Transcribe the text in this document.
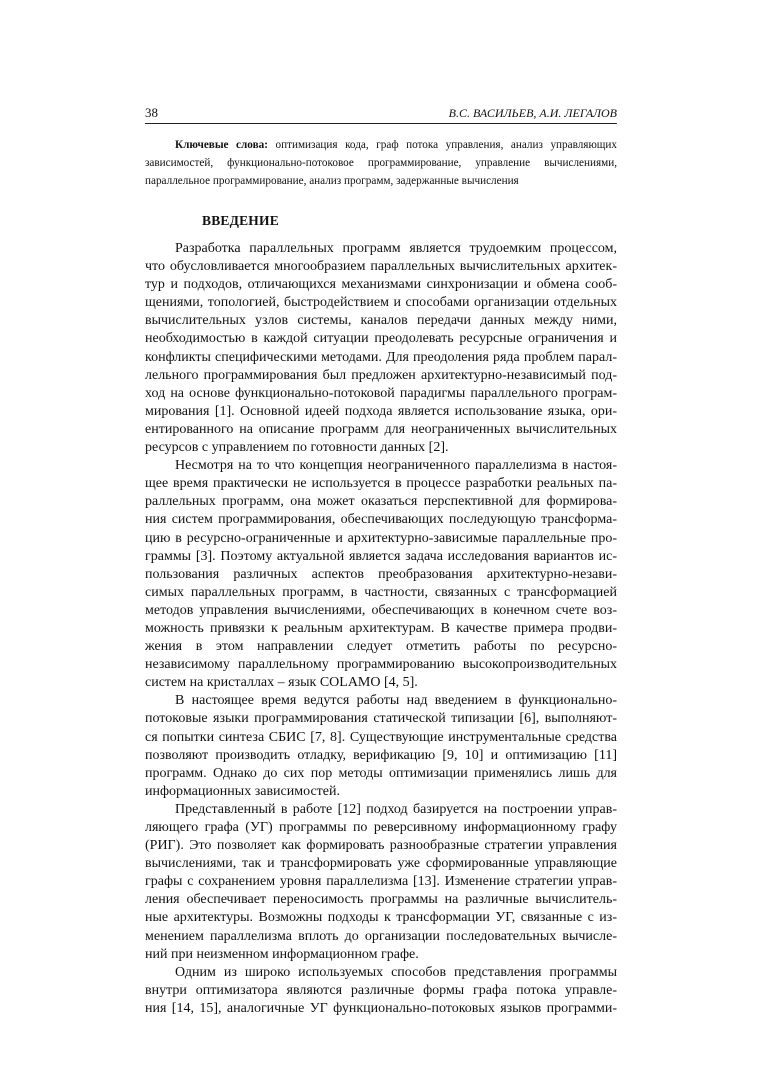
38	В.С. ВАСИЛЬЕВ, А.И. ЛЕГАЛОВ
Ключевые слова: оптимизация кода, граф потока управления, анализ управляющих зависимостей, функционально-потоковое программирование, управление вычислениями, параллельное программирование, анализ программ, задержанные вычисления
ВВЕДЕНИЕ
Разработка параллельных программ является трудоемким процессом,
что обусловливается многообразием параллельных вычислительных архитек-
тур и подходов, отличающихся механизмами синхронизации и обмена сооб-
щениями, топологией, быстродействием и способами организации отдельных
вычислительных узлов системы, каналов передачи данных между ними,
необходимостью в каждой ситуации преодолевать ресурсные ограничения и
конфликты специфическими методами. Для преодоления ряда проблем парал-
лельного программирования был предложен архитектурно-независимый под-
ход на основе функционально-потоковой парадигмы параллельного програм-
мирования [1]. Основной идеей подхода является использование языка, ори-
ентированного на описание программ для неограниченных вычислительных
ресурсов с управлением по готовности данных [2].
Несмотря на то что концепция неограниченного параллелизма в настоя-
щее время практически не используется в процессе разработки реальных па-
раллельных программ, она может оказаться перспективной для формирова-
ния систем программирования, обеспечивающих последующую трансформа-
цию в ресурсно-ограниченные и архитектурно-зависимые параллельные про-
граммы [3]. Поэтому актуальной является задача исследования вариантов ис-
пользования различных аспектов преобразования архитектурно-незави-
симых параллельных программ, в частности, связанных с трансформацией
методов управления вычислениями, обеспечивающих в конечном счете воз-
можность привязки к реальным архитектурам. В качестве примера продви-
жения в этом направлении следует отметить работы по ресурсно-
независимому параллельному программированию высокопроизводительных
систем на кристаллах – язык COLAMO [4, 5].
В настоящее время ведутся работы над введением в функционально-
потоковые языки программирования статической типизации [6], выполняют-
ся попытки синтеза СБИС [7, 8]. Существующие инструментальные средства
позволяют производить отладку, верификацию [9, 10] и оптимизацию [11]
программ. Однако до сих пор методы оптимизации применялись лишь для
информационных зависимостей.
Представленный в работе [12] подход базируется на построении управ-
ляющего графа (УГ) программы по реверсивному информационному графу
(РИГ). Это позволяет как формировать разнообразные стратегии управления
вычислениями, так и трансформировать уже сформированные управляющие
графы с сохранением уровня параллелизма [13]. Изменение стратегии управ-
ления обеспечивает переносимость программы на различные вычислитель-
ные архитектуры. Возможны подходы к трансформации УГ, связанные с из-
менением параллелизма вплоть до организации последовательных вычисле-
ний при неизменном информационном графе.
Одним из широко используемых способов представления программы
внутри оптимизатора являются различные формы графа потока управле-
ния [14, 15], аналогичные УГ функционально-потоковых языков программи-
